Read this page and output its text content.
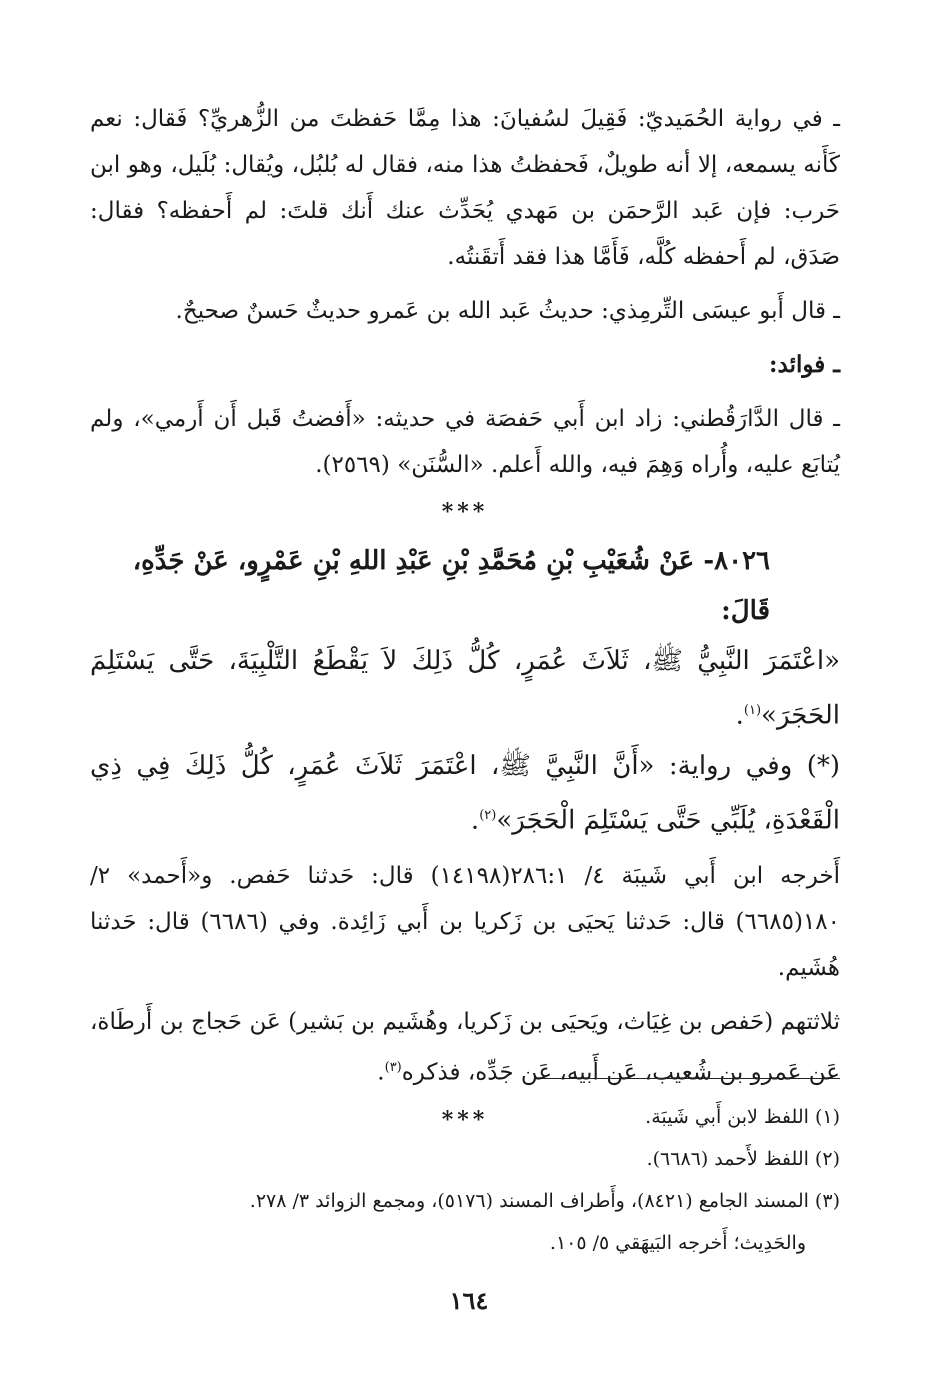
ـ في رواية الحُمَيديّ: فَقِيلَ لسُفيانَ: هذا مِمَّا حَفظتَ من الزُّهريِّ؟ فَقال: نعم كَأَنه يسمعه، إلا أنه طويلٌ، فَحفظتُ هذا منه، فقال له بُلبُل، ويُقال: بُلَيل، وهو ابن حَرب: فإن عَبد الرَّحمَن بن مَهدي يُحَدِّث عنك أَنك قلتَ: لم أَحفظه؟ فقال: صَدَق، لم أَحفظه كُلَّه، فَأَمَّا هذا فقد أَتقَنتُه.

ـ قال أَبو عيسَى التِّرمِذي: حديثُ عَبد الله بن عَمرو حديثٌ حَسنٌ صحيحٌ.

ـ فوائد:

ـ قال الدَّارَقُطني: زاد ابن أَبي حَفصَة في حديثه: «أَفضتُ قَبل أَن أَرمي»، ولم يُتابَع عليه، وأُراه وَهِمَ فيه، والله أَعلم. «السُّنَن» (٢٥٦٩).

***

٨٠٢٦- عَنْ شُعَيْبِ بْنِ مُحَمَّدِ بْنِ عَبْدِ اللهِ بْنِ عَمْرٍو، عَنْ جَدِّهِ، قَالَ:

«اعْتَمَرَ النَّبِيُّ ﷺ، ثَلاَثَ عُمَرٍ، كُلُّ ذَلِكَ لاَ يَقْطَعُ التَّلْبِيَةَ، حَتَّى يَسْتَلِمَ الحَجَرَ»$^{(١)}$.

(*) وفي رواية: «أَنَّ النَّبِيَّ ﷺ، اعْتَمَرَ ثَلاَثَ عُمَرٍ، كُلُّ ذَلِكَ فِي ذِي الْقَعْدَةِ، يُلَبِّي حَتَّى يَسْتَلِمَ الْحَجَرَ»$^{(٢)}$.

أَخرجه ابن أَبي شَيبَة ٤/ ٢٨٦:١(١٤١٩٨) قال: حَدثنا حَفص. و«أَحمد» ٢/ ١٨٠(٦٦٨٥) قال: حَدثنا يَحيَى بن زَكريا بن أَبي زَائِدة. وفي (٦٦٨٦) قال: حَدثنا هُشَيم.

ثلاثتهم (حَفص بن غِيَاث، ويَحيَى بن زَكريا، وهُشَيم بن بَشير) عَن حَجاج بن أَرطَاة، عَن عَمرو بن شُعيب، عَن أَبيه، عَن جَدِّه، فذكره$^{(٣)}$.

***	(١) اللفظ لابن أَبي شَيبَة.

(٢) اللفظ لأَحمد (٦٦٨٦).

(٣) المسند الجامع (٨٤٢١)، وأَطراف المسند (٥١٧٦)، ومجمع الزوائد ٣/ ٢٧٨.

والحَدِيث؛ أَخرجه البَيهَقي ٥/ ١٠٥.

١٦٤
